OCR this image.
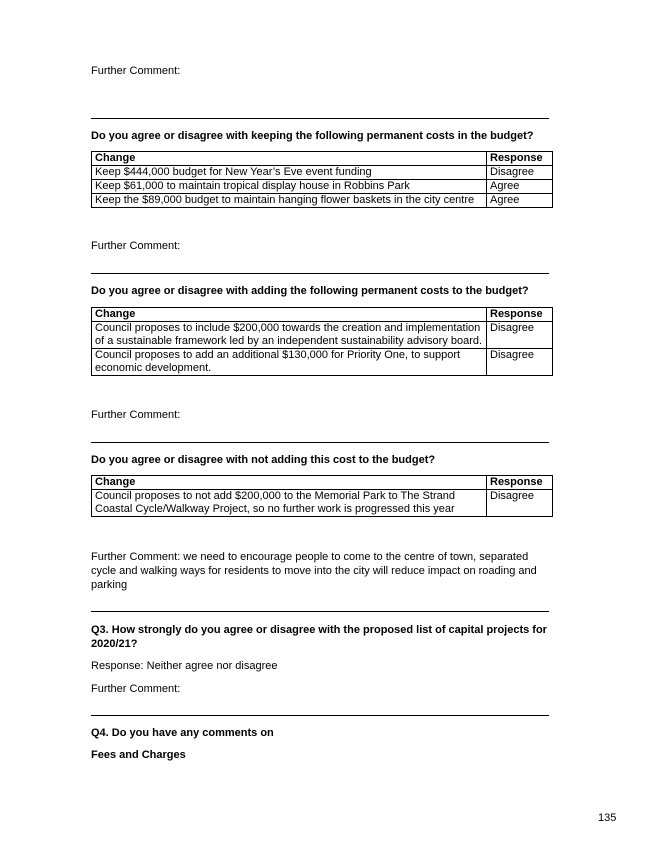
Further Comment:
Do you agree or disagree with keeping the following permanent costs in the budget?
Change	Response
Keep $444,000 budget for New Year’s Eve event funding	Disagree
Keep $61,000 to maintain tropical display house in Robbins Park	Agree
Keep the $89,000 budget to maintain hanging flower baskets in the city centre	Agree
Further Comment:
Do you agree or disagree with adding the following permanent costs to the budget?
Change	Response
Council proposes to include $200,000 towards the creation and implementation of a sustainable framework led by an independent sustainability advisory board.	Disagree
Council proposes to add an additional $130,000 for Priority One, to support economic development.	Disagree
Further Comment:
Do you agree or disagree with not adding this cost to the budget?
Change	Response
Council proposes to not add $200,000 to the Memorial Park to The Strand Coastal Cycle/Walkway Project, so no further work is progressed this year	Disagree
Further Comment: we need to encourage people to come to the centre of town, separated cycle and walking ways for residents to move into the city will reduce impact on roading and parking
Q3. How strongly do you agree or disagree with the proposed list of capital projects for 2020/21?
Response: Neither agree nor disagree
Further Comment:
Q4. Do you have any comments on
Fees and Charges
135
